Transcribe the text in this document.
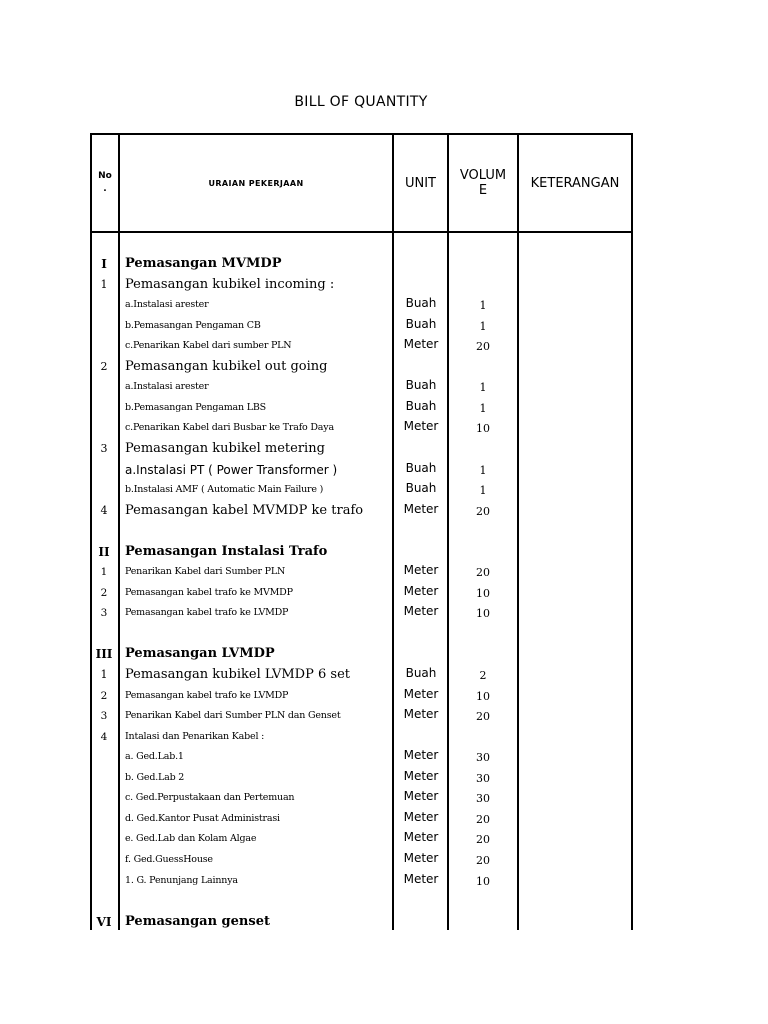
BILL OF QUANTITY
No
.
URAIAN PEKERJAAN	UNIT	VOLUM
E	KETERANGAN
I	Pemasangan MVMDP
1	Pemasangan kubikel incoming :
a.Instalasi arester	Buah	1
b.Pemasangan Pengaman CB	Buah	1
c.Penarikan Kabel dari sumber PLN	Meter	20
2	Pemasangan kubikel out going
a.Instalasi arester	Buah	1
b.Pemasangan Pengaman LBS	Buah	1
c.Penarikan Kabel dari Busbar ke Trafo Daya	Meter	10
3	Pemasangan kubikel metering
a.Instalasi PT ( Power Transformer )	Buah	1
b.Instalasi AMF ( Automatic Main Failure )	Buah	1
4	Pemasangan kabel MVMDP ke trafo	Meter	20
II	Pemasangan Instalasi Trafo
1	Penarikan Kabel dari Sumber PLN	Meter	20
2	Pemasangan kabel trafo ke MVMDP	Meter	10
3	Pemasangan kabel trafo ke LVMDP	Meter	10
III Pemasangan LVMDP
1	Pemasangan kubikel LVMDP 6 set	Buah	2
2	Pemasangan kabel trafo ke LVMDP	Meter	10
3	Penarikan Kabel dari Sumber PLN dan Genset	Meter	20
4	Intalasi dan Penarikan Kabel :
a. Ged.Lab.1	Meter	30
b. Ged.Lab 2	Meter	30
c. Ged.Perpustakaan dan Pertemuan	Meter	30
d. Ged.Kantor Pusat Administrasi	Meter	20
e. Ged.Lab dan Kolam Algae	Meter	20
f. Ged.GuessHouse	Meter	20
1. G. Penunjang Lainnya	Meter	10
VI	Pemasangan genset
